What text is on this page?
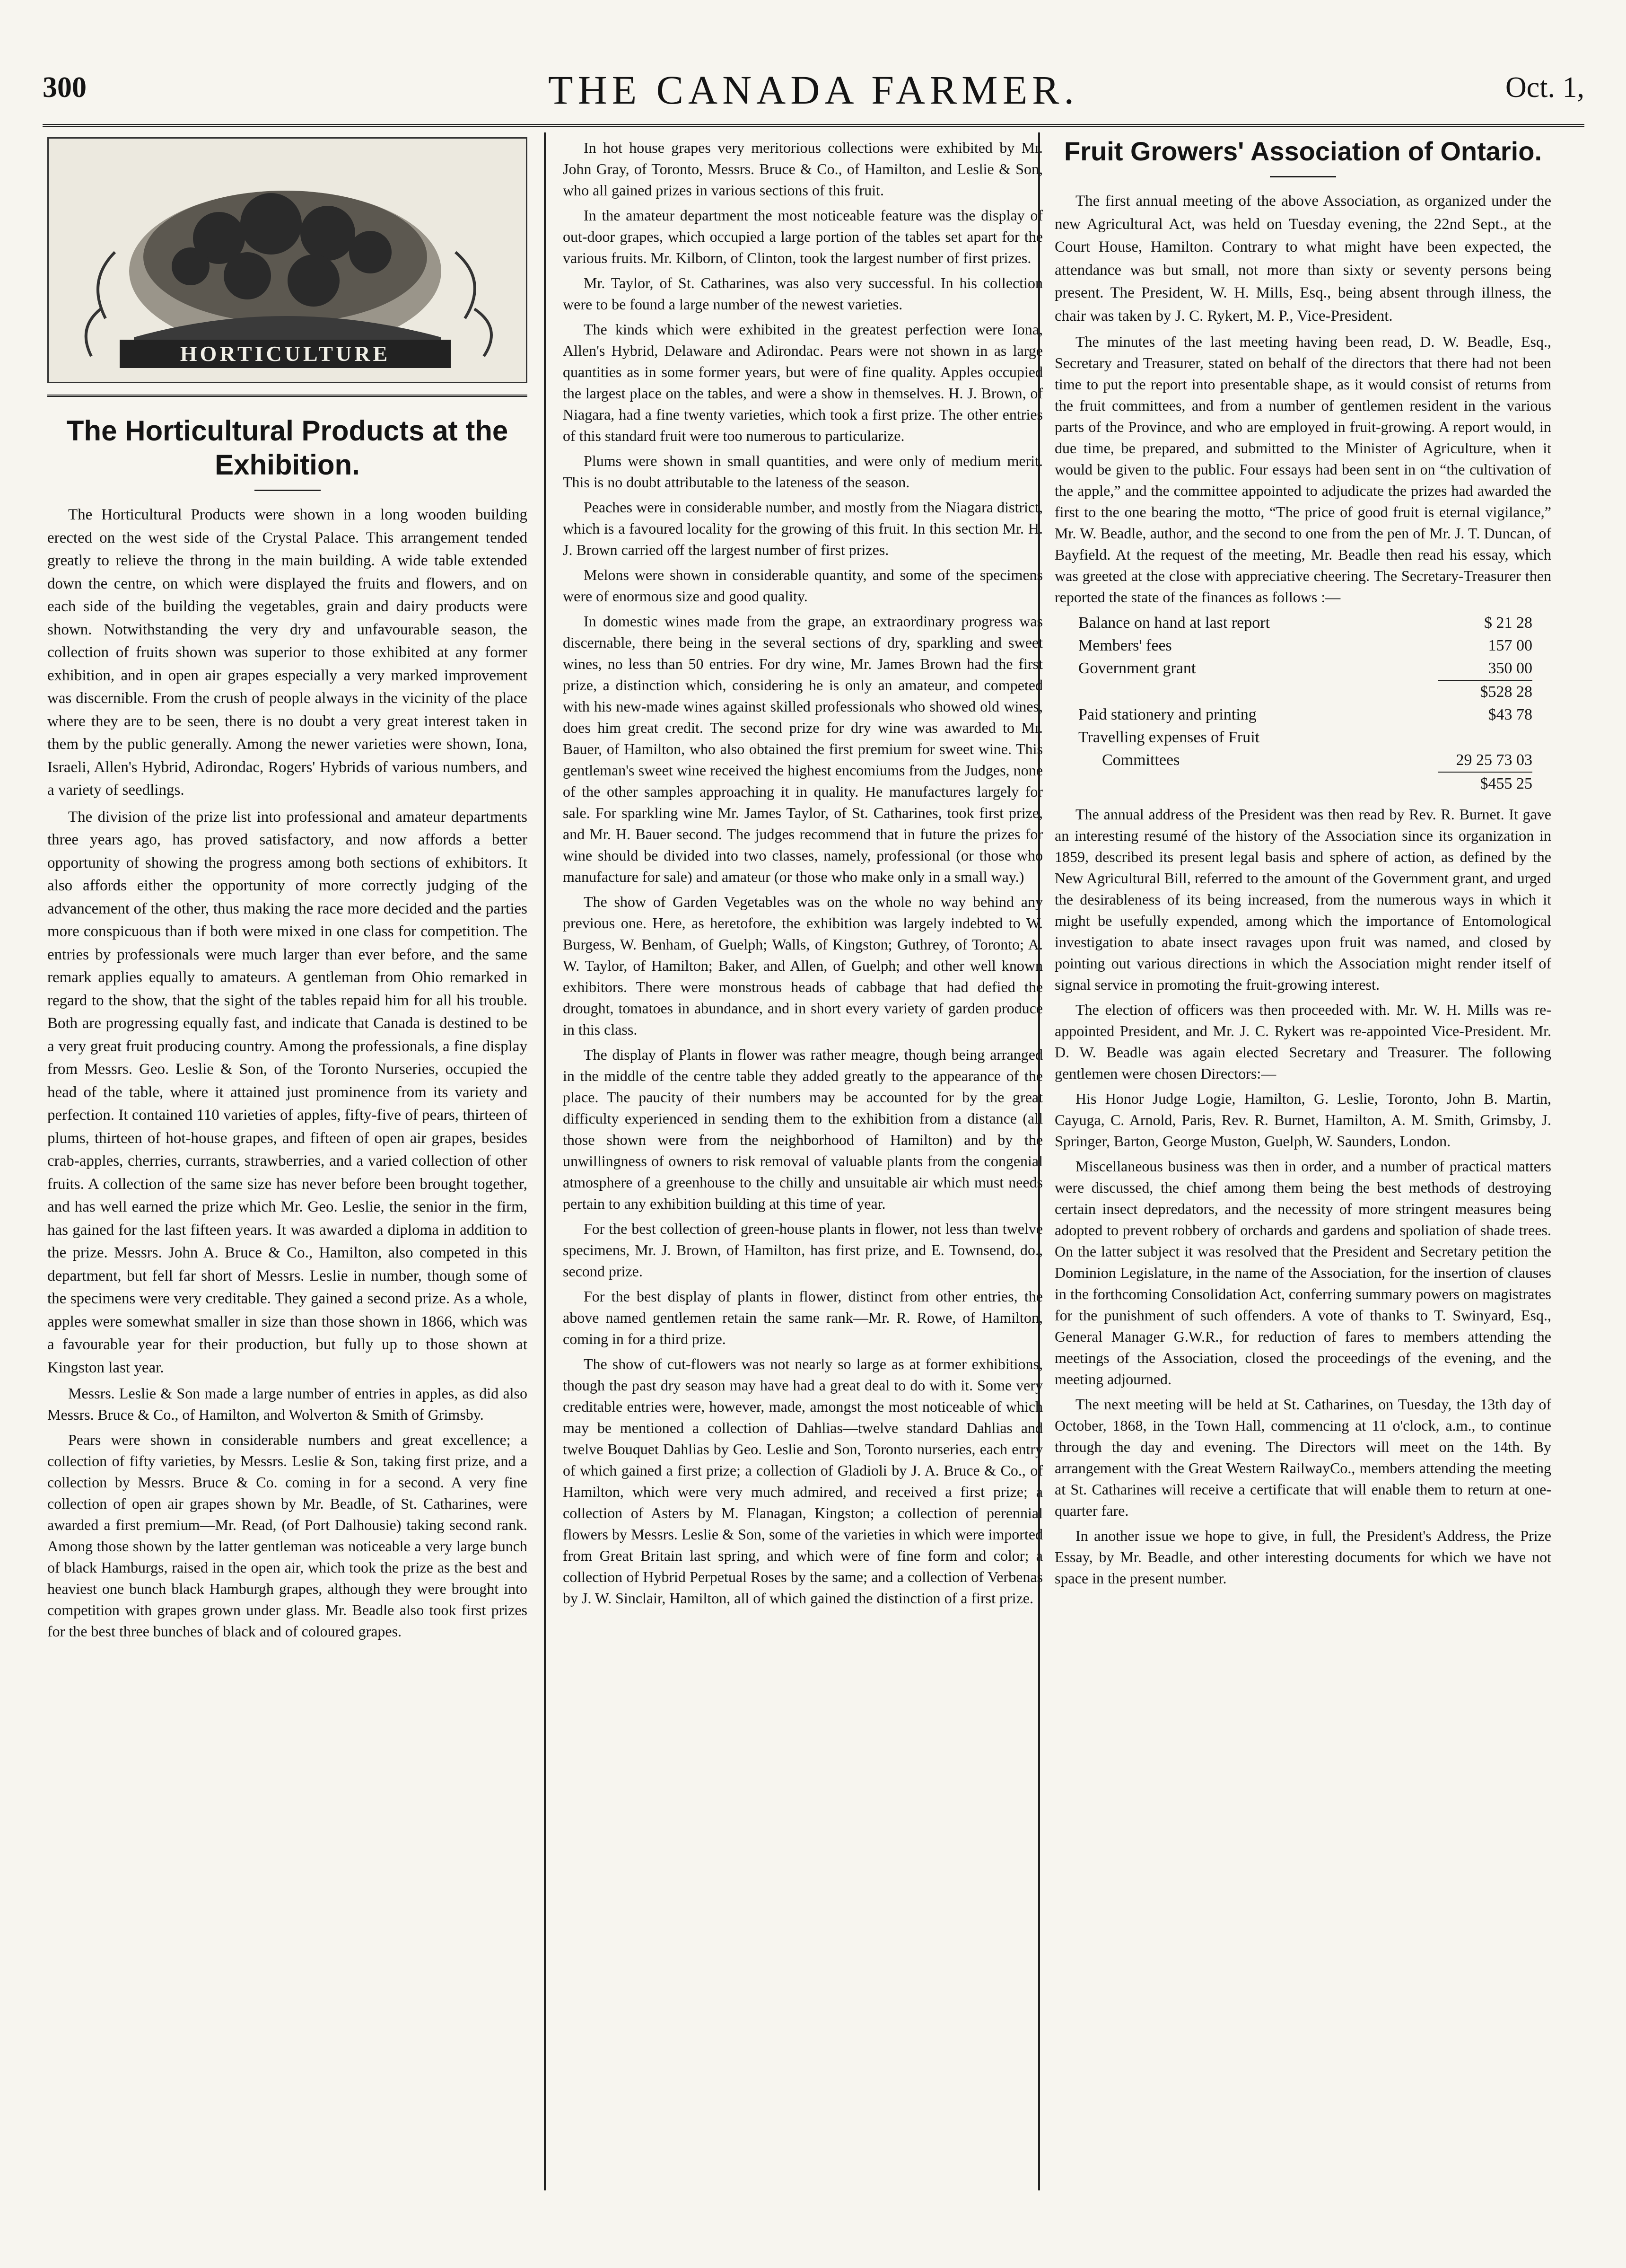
300	THE CANADA FARMER.	Oct. 1,
HORTICULTURE
The Horticultural Products at the Exhibition.

The Horticultural Products were shown in a long wooden building erected on the west side of the Crystal Palace. This arrangement tended greatly to relieve the throng in the main building. A wide table extended down the centre, on which were displayed the fruits and flowers, and on each side of the building the vegetables, grain and dairy products were shown. Notwithstanding the very dry and unfavourable season, the collection of fruits shown was superior to those exhibited at any former exhibition, and in open air grapes especially a very marked improvement was discernible. From the crush of people always in the vicinity of the place where they are to be seen, there is no doubt a very great interest taken in them by the public generally. Among the newer varieties were shown, Iona, Israeli, Allen's Hybrid, Adirondac, Rogers' Hybrids of various numbers, and a variety of seedlings.

The division of the prize list into professional and amateur departments three years ago, has proved satisfactory, and now affords a better opportunity of showing the progress among both sections of exhibitors. It also affords either the opportunity of more correctly judging of the advancement of the other, thus making the race more decided and the parties more conspicuous than if both were mixed in one class for competition. The entries by professionals were much larger than ever before, and the same remark applies equally to amateurs. A gentleman from Ohio remarked in regard to the show, that the sight of the tables repaid him for all his trouble. Both are progressing equally fast, and indicate that Canada is destined to be a very great fruit producing country. Among the professionals, a fine display from Messrs. Geo. Leslie & Son, of the Toronto Nurseries, occupied the head of the table, where it attained just prominence from its variety and perfection. It contained 110 varieties of apples, fifty-five of pears, thirteen of plums, thirteen of hot-house grapes, and fifteen of open air grapes, besides crab-apples, cherries, currants, strawberries, and a varied collection of other fruits. A collection of the same size has never before been brought together, and has well earned the prize which Mr. Geo. Leslie, the senior in the firm, has gained for the last fifteen years. It was awarded a diploma in addition to the prize. Messrs. John A. Bruce & Co., Hamilton, also competed in this department, but fell far short of Messrs. Leslie in number, though some of the specimens were very creditable. They gained a second prize. As a whole, apples were somewhat smaller in size than those shown in 1866, which was a favourable year for their production, but fully up to those shown at Kingston last year.

Messrs. Leslie & Son made a large number of entries in apples, as did also Messrs. Bruce & Co., of Hamilton, and Wolverton & Smith of Grimsby.

Pears were shown in considerable numbers and great excellence; a collection of fifty varieties, by Messrs. Leslie & Son, taking first prize, and a collection by Messrs. Bruce & Co. coming in for a second. A very fine collection of open air grapes shown by Mr. Beadle, of St. Catharines, were awarded a first premium—Mr. Read, (of Port Dalhousie) taking second rank. Among those shown by the latter gentleman was noticeable a very large bunch of black Hamburgs, raised in the open air, which took the prize as the best and heaviest one bunch black Hamburgh grapes, although they were brought into competition with grapes grown under glass. Mr. Beadle also took first prizes for the best three bunches of black and of coloured grapes.

In hot house grapes very meritorious collections were exhibited by Mr. John Gray, of Toronto, Messrs. Bruce & Co., of Hamilton, and Leslie & Son, who all gained prizes in various sections of this fruit.

In the amateur department the most noticeable feature was the display of out-door grapes, which occupied a large portion of the tables set apart for the various fruits. Mr. Kilborn, of Clinton, took the largest number of first prizes.

Mr. Taylor, of St. Catharines, was also very successful. In his collection were to be found a large number of the newest varieties.

The kinds which were exhibited in the greatest perfection were Iona, Allen's Hybrid, Delaware and Adirondac. Pears were not shown in as large quantities as in some former years, but were of fine quality. Apples occupied the largest place on the tables, and were a show in themselves. H. J. Brown, of Niagara, had a fine twenty varieties, which took a first prize. The other entries of this standard fruit were too numerous to particularize.

Plums were shown in small quantities, and were only of medium merit. This is no doubt attributable to the lateness of the season.

Peaches were in considerable number, and mostly from the Niagara district, which is a favoured locality for the growing of this fruit. In this section Mr. H. J. Brown carried off the largest number of first prizes.

Melons were shown in considerable quantity, and some of the specimens were of enormous size and good quality.

In domestic wines made from the grape, an extraordinary progress was discernable, there being in the several sections of dry, sparkling and sweet wines, no less than 50 entries. For dry wine, Mr. James Brown had the first prize, a distinction which, considering he is only an amateur, and competed with his new-made wines against skilled professionals who showed old wines, does him great credit. The second prize for dry wine was awarded to Mr. Bauer, of Hamilton, who also obtained the first premium for sweet wine. This gentleman's sweet wine received the highest encomiums from the Judges, none of the other samples approaching it in quality. He manufactures largely for sale. For sparkling wine Mr. James Taylor, of St. Catharines, took first prize, and Mr. H. Bauer second. The judges recommend that in future the prizes for wine should be divided into two classes, namely, professional (or those who manufacture for sale) and amateur (or those who make only in a small way.)

The show of Garden Vegetables was on the whole no way behind any previous one. Here, as heretofore, the exhibition was largely indebted to W. Burgess, W. Benham, of Guelph; Walls, of Kingston; Guthrey, of Toronto; A. W. Taylor, of Hamilton; Baker, and Allen, of Guelph; and other well known exhibitors. There were monstrous heads of cabbage that had defied the drought, tomatoes in abundance, and in short every variety of garden produce in this class.

The display of Plants in flower was rather meagre, though being arranged in the middle of the centre table they added greatly to the appearance of the place. The paucity of their numbers may be accounted for by the great difficulty experienced in sending them to the exhibition from a distance (all those shown were from the neighborhood of Hamilton) and by the unwillingness of owners to risk removal of valuable plants from the congenial atmosphere of a greenhouse to the chilly and unsuitable air which must needs pertain to any exhibition building at this time of year.

For the best collection of green-house plants in flower, not less than twelve specimens, Mr. J. Brown, of Hamilton, has first prize, and E. Townsend, do., second prize.

For the best display of plants in flower, distinct from other entries, the above named gentlemen retain the same rank—Mr. R. Rowe, of Hamilton, coming in for a third prize.

The show of cut-flowers was not nearly so large as at former exhibitions, though the past dry season may have had a great deal to do with it. Some very creditable entries were, however, made, amongst the most noticeable of which may be mentioned a collection of Dahlias—twelve standard Dahlias and twelve Bouquet Dahlias by Geo. Leslie and Son, Toronto nurseries, each entry of which gained a first prize; a collection of Gladioli by J. A. Bruce & Co., of Hamilton, which were very much admired, and received a first prize; a collection of Asters by M. Flanagan, Kingston; a collection of perennial flowers by Messrs. Leslie & Son, some of the varieties in which were imported from Great Britain last spring, and which were of fine form and color; a collection of Hybrid Perpetual Roses by the same; and a collection of Verbenas by J. W. Sinclair, Hamilton, all of which gained the distinction of a first prize.

Fruit Growers' Association of Ontario.

The first annual meeting of the above Association, as organized under the new Agricultural Act, was held on Tuesday evening, the 22nd Sept., at the Court House, Hamilton. Contrary to what might have been expected, the attendance was but small, not more than sixty or seventy persons being present. The President, W. H. Mills, Esq., being absent through illness, the chair was taken by J. C. Rykert, M. P., Vice-President.

The minutes of the last meeting having been read, D. W. Beadle, Esq., Secretary and Treasurer, stated on behalf of the directors that there had not been time to put the report into presentable shape, as it would consist of returns from the fruit committees, and from a number of gentlemen resident in the various parts of the Province, and who are employed in fruit-growing. A report would, in due time, be prepared, and submitted to the Minister of Agriculture, when it would be given to the public. Four essays had been sent in on “the cultivation of the apple,” and the committee appointed to adjudicate the prizes had awarded the first to the one bearing the motto, “The price of good fruit is eternal vigilance,” Mr. W. Beadle, author, and the second to one from the pen of Mr. J. T. Duncan, of Bayfield. At the request of the meeting, Mr. Beadle then read his essay, which was greeted at the close with appreciative cheering. The Secretary-Treasurer then reported the state of the finances as follows :—

Balance on hand at last report	$ 21 28
Members' fees	157 00
Government grant	350 00
$528 28
Paid stationery and printing	$43 78
Travelling expenses of Fruit
Committees	29 25 73 03
$455 25

The annual address of the President was then read by Rev. R. Burnet. It gave an interesting resumé of the history of the Association since its organization in 1859, described its present legal basis and sphere of action, as defined by the New Agricultural Bill, referred to the amount of the Government grant, and urged the desirableness of its being increased, from the numerous ways in which it might be usefully expended, among which the importance of Entomological investigation to abate insect ravages upon fruit was named, and closed by pointing out various directions in which the Association might render itself of signal service in promoting the fruit-growing interest.

The election of officers was then proceeded with. Mr. W. H. Mills was re-appointed President, and Mr. J. C. Rykert was re-appointed Vice-President. Mr. D. W. Beadle was again elected Secretary and Treasurer. The following gentlemen were chosen Directors:—

His Honor Judge Logie, Hamilton, G. Leslie, Toronto, John B. Martin, Cayuga, C. Arnold, Paris, Rev. R. Burnet, Hamilton, A. M. Smith, Grimsby, J. Springer, Barton, George Muston, Guelph, W. Saunders, London.

Miscellaneous business was then in order, and a number of practical matters were discussed, the chief among them being the best methods of destroying certain insect depredators, and the necessity of more stringent measures being adopted to prevent robbery of orchards and gardens and spoliation of shade trees. On the latter subject it was resolved that the President and Secretary petition the Dominion Legislature, in the name of the Association, for the insertion of clauses in the forthcoming Consolidation Act, conferring summary powers on magistrates for the punishment of such offenders. A vote of thanks to T. Swinyard, Esq., General Manager G.W.R., for reduction of fares to members attending the meetings of the Association, closed the proceedings of the evening, and the meeting adjourned.

The next meeting will be held at St. Catharines, on Tuesday, the 13th day of October, 1868, in the Town Hall, commencing at 11 o'clock, a.m., to continue through the day and evening. The Directors will meet on the 14th. By arrangement with the Great Western RailwayCo., members attending the meeting at St. Catharines will receive a certificate that will enable them to return at one-quarter fare.

In another issue we hope to give, in full, the President's Address, the Prize Essay, by Mr. Beadle, and other interesting documents for which we have not space in the present number.
